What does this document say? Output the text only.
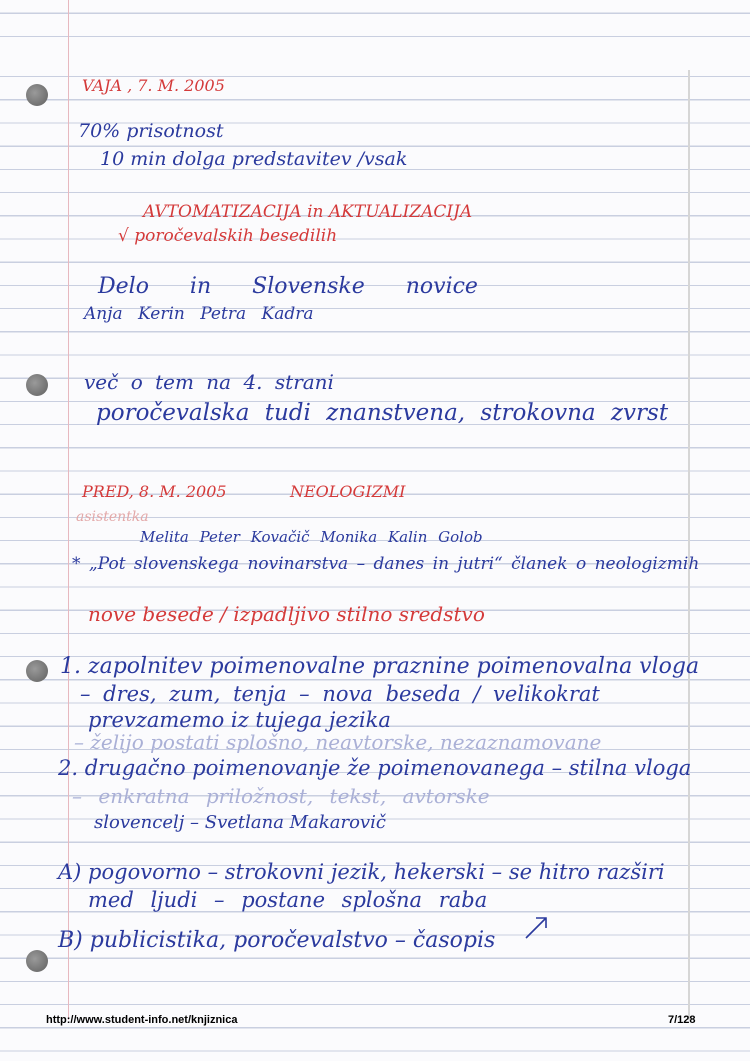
VAJA , 7. M. 2005
70% prisotnost
10 min dolga predstavitev /vsak
AVTOMATIZACIJA in AKTUALIZACIJA
√ poročevalskih besedilih
Delo in Slovenske novice
Anja Kerin Petra Kadra
več o tem na 4. strani
poročevalska tudi znanstvena, strokovna zvrst
PRED, 8. M. 2005	NEOLOGIZMI
asistentka
Melita Peter Kovačič Monika Kalin Golob
* „Pot slovenskega novinarstva – danes in jutri“ članek o neologizmih
nove besede / izpadljivo stilno sredstvo
1. zapolnitev poimenovalne praznine poimenovalna vloga
– dres, zum, tenja – nova beseda / velikokrat
prevzamemo iz tujega jezika
– želijo postati splošno, neavtorske, nezaznamovane
2. drugačno poimenovanje že poimenovanega – stilna vloga
– enkratna priložnost, tekst, avtorske
slovencelj – Svetlana Makarovič
A) pogovorno – strokovni jezik, hekerski – se hitro razširi
med ljudi – postane splošna raba
B) publicistika, poročevalstvo – časopis
http://www.student-info.net/knjiznica	7/128
